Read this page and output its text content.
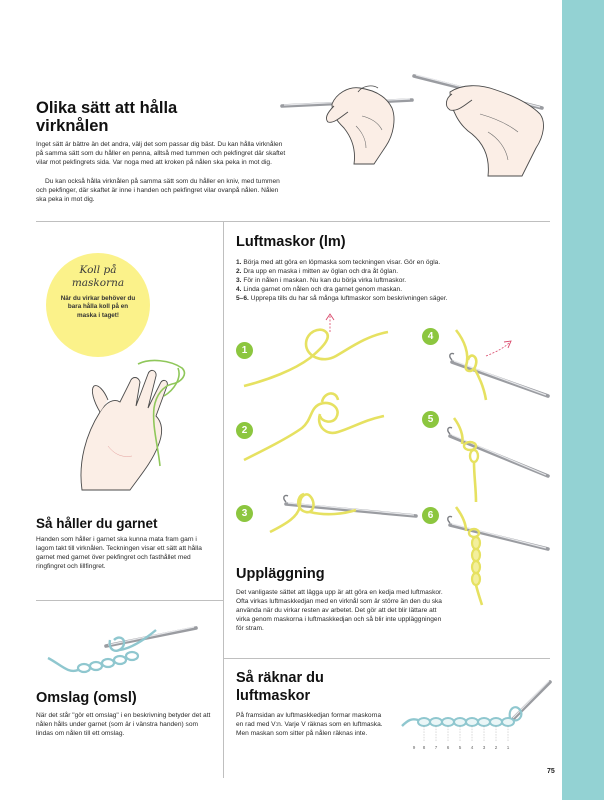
Olika sätt att hålla virknålen

Inget sätt är bättre än det andra, välj det som passar dig bäst. Du kan hålla virknålen på samma sätt som du håller en penna, alltså med tummen och pekfingret där skaftet vilar mot pekfingrets sida. Var noga med att kroken på nålen ska peka in mot dig.

Du kan också hålla virknålen på samma sätt som du håller en kniv, med tummen och pekfinger, där skaftet är inne i handen och pekfingret vilar ovanpå nålen. Nålen ska peka in mot dig.

Koll på
maskorna
När du virkar behöver du bara hålla koll på en maska i taget!
Så håller du garnet

Handen som håller i garnet ska kunna mata fram garn i lagom takt till virknålen. Teckningen visar ett sätt att hålla garnet med garnet över pekfingret och fasthållet med ringfingret och lillfingret.

Luftmaskor (lm)
1. Börja med att göra en löpmaska som teckningen visar. Gör en ögla.
2. Dra upp en maska i mitten av öglan och dra åt öglan.
3. För in nålen i maskan. Nu kan du börja virka luftmaskor.
4. Linda garnet om nålen och dra garnet genom maskan.
5–6. Upprepa tills du har så många luftmaskor som beskrivningen säger.
1
2
3
4
5
6
Uppläggning

Det vanligaste sättet att lägga upp är att göra en kedja med luftmaskor. Ofta virkas luftmaskkedjan med en virknål som är större än den du ska använda när du virkar resten av arbetet. Det gör att det blir lättare att virka genom maskorna i luftmaskkedjan och så blir inte uppläggningen för stram.

Omslag (omsl)

När det står "gör ett omslag" i en beskrivning betyder det att nålen hålls under garnet (som är i vänstra handen) som lindas om nålen till ett omslag.

Så räknar du
luftmaskor

På framsidan av luftmaskkedjan formar maskorna en rad med V:n. Varje V räknas som en luftmaska. Men maskan som sitter på nålen räknas inte.

9 8 7 6 5 4 3 2 1
75
PassionForum.ru
